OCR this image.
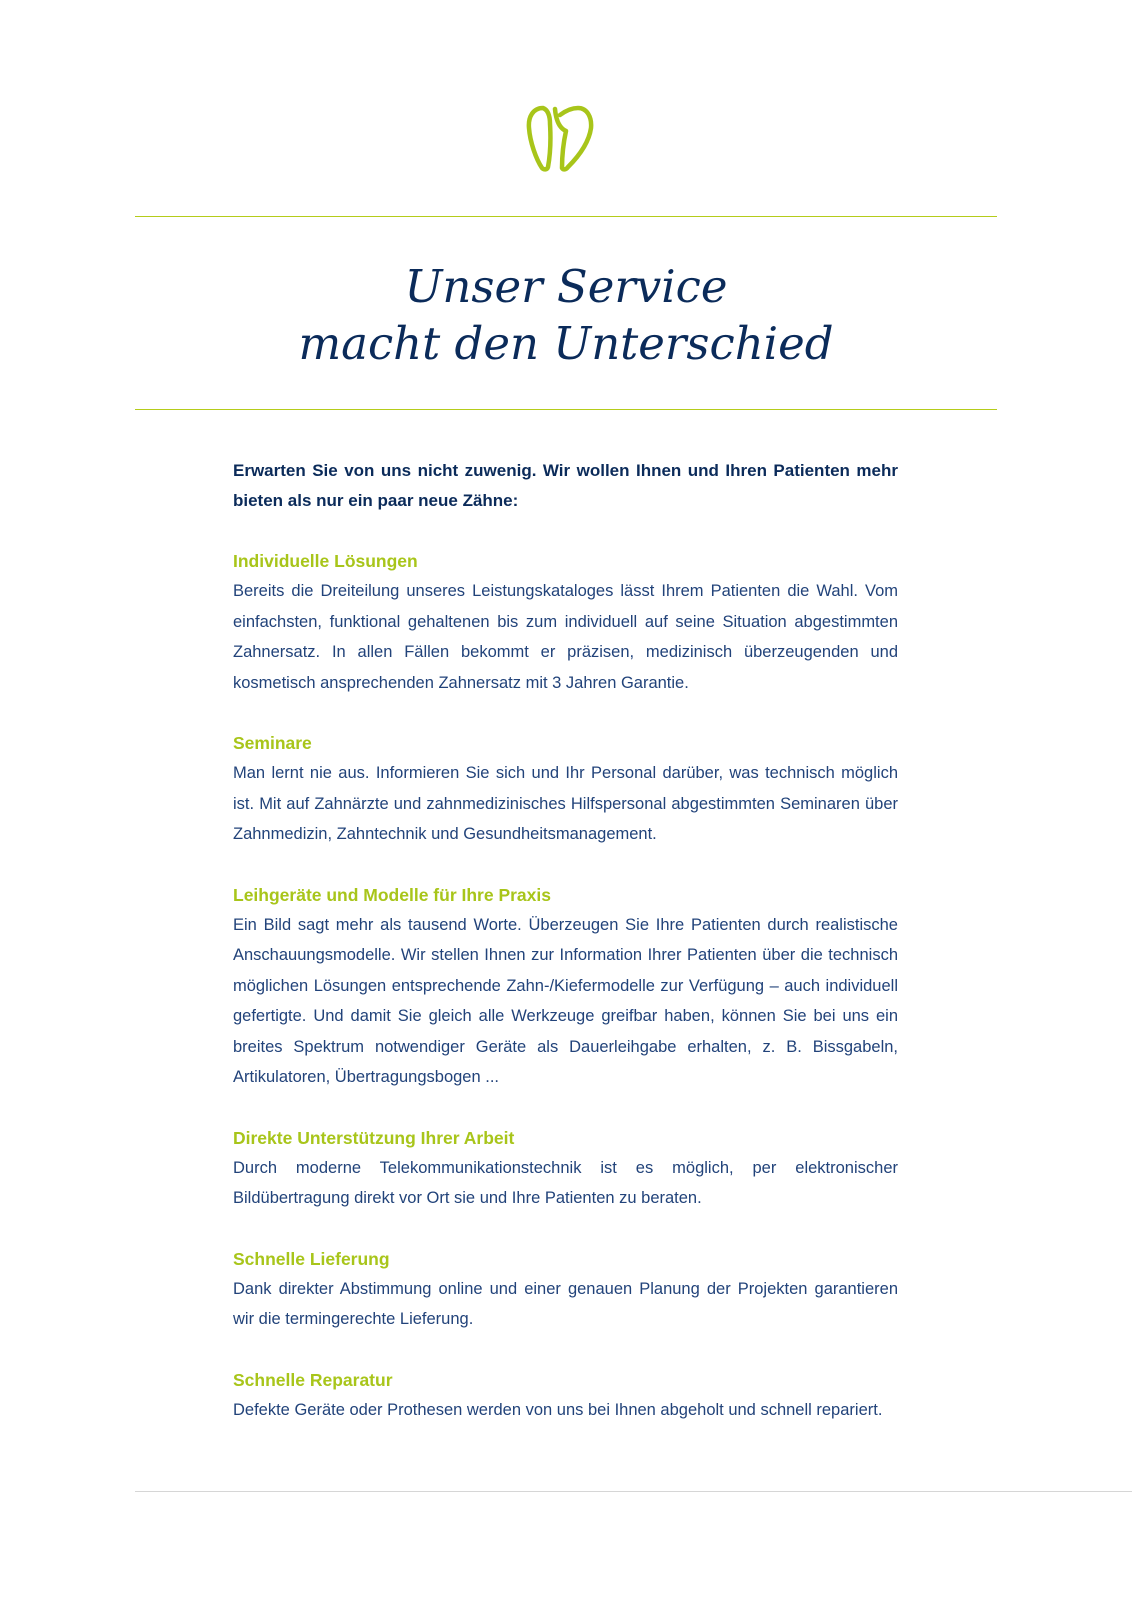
Unser Service
macht den Unterschied

Erwarten Sie von uns nicht zuwenig. Wir wollen Ihnen und Ihren Patienten mehr bieten als nur ein paar neue Zähne:

Individuelle Lösungen

Bereits die Dreiteilung unseres Leistungskataloges lässt Ihrem Patienten die Wahl. Vom einfachsten, funktional gehaltenen bis zum individuell auf seine Situation abgestimmten Zahnersatz. In allen Fällen bekommt er präzisen, medizinisch überzeugenden und kosmetisch ansprechenden Zahnersatz mit 3 Jahren Garantie.

Seminare

Man lernt nie aus. Informieren Sie sich und Ihr Personal darüber, was technisch möglich ist. Mit auf Zahnärzte und zahnmedizinisches Hilfspersonal abgestimmten Seminaren über Zahnmedizin, Zahntechnik und Gesundheitsmanagement.

Leihgeräte und Modelle für Ihre Praxis

Ein Bild sagt mehr als tausend Worte. Überzeugen Sie Ihre Patienten durch realistische Anschauungsmodelle. Wir stellen Ihnen zur Information Ihrer Patienten über die technisch möglichen Lösungen entsprechende Zahn-/Kiefermodelle zur Verfügung – auch individuell gefertigte. Und damit Sie gleich alle Werkzeuge greifbar haben, können Sie bei uns ein breites Spektrum notwendiger Geräte als Dauerleihgabe erhalten, z. B. Bissgabeln, Artikulatoren, Übertragungsbogen ...

Direkte Unterstützung Ihrer Arbeit

Durch moderne Telekommunikationstechnik ist es möglich, per elektronischer Bildübertragung direkt vor Ort sie und Ihre Patienten zu beraten.

Schnelle Lieferung

Dank direkter Abstimmung online und einer genauen Planung der Projekten garantieren wir die termingerechte Lieferung.

Schnelle Reparatur

Defekte Geräte oder Prothesen werden von uns bei Ihnen abgeholt und schnell repariert.
